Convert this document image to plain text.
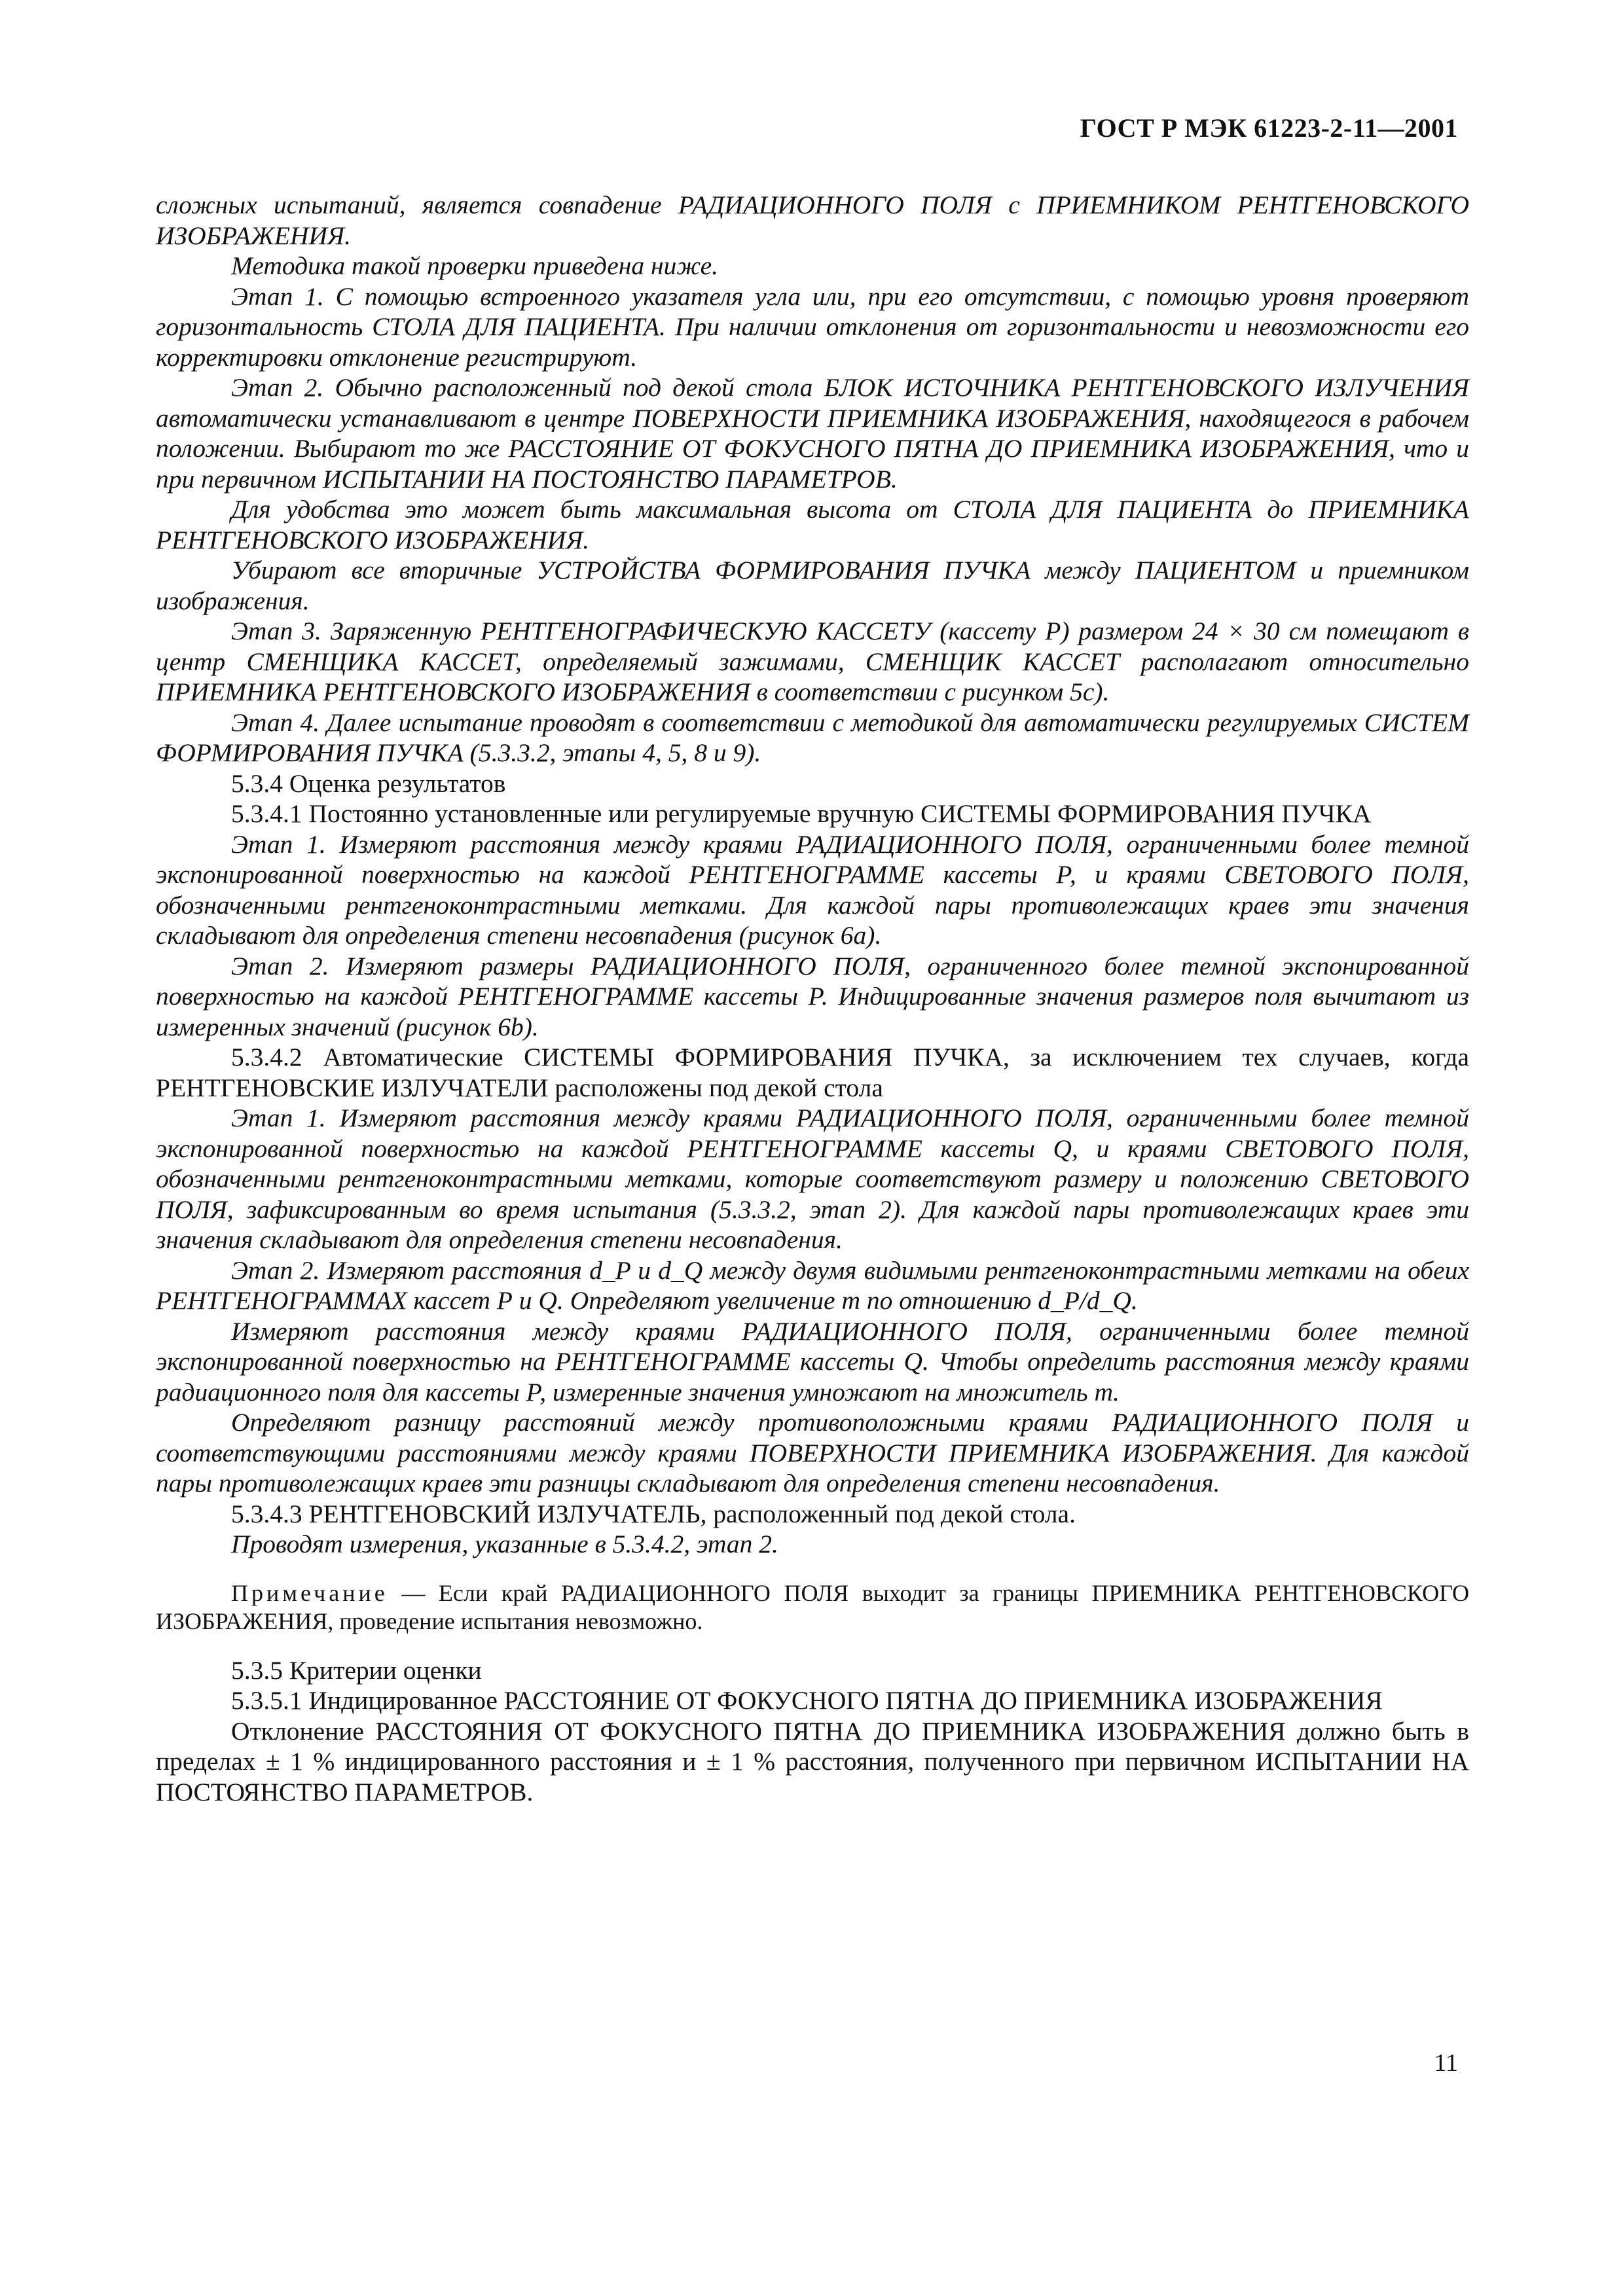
ГОСТ Р МЭК 61223-2-11—2001

сложных испытаний, является совпадение РАДИАЦИОННОГО ПОЛЯ с ПРИЕМНИКОМ РЕНТГЕНОВСКОГО ИЗОБРАЖЕНИЯ.

Методика такой проверки приведена ниже.

Этап 1. С помощью встроенного указателя угла или, при его отсутствии, с помощью уровня проверяют горизонтальность СТОЛА ДЛЯ ПАЦИЕНТА. При наличии отклонения от горизонтальности и невозможности его корректировки отклонение регистрируют.

Этап 2. Обычно расположенный под декой стола БЛОК ИСТОЧНИКА РЕНТГЕНОВСКОГО ИЗЛУЧЕНИЯ автоматически устанавливают в центре ПОВЕРХНОСТИ ПРИЕМНИКА ИЗОБРАЖЕНИЯ, находящегося в рабочем положении. Выбирают то же РАССТОЯНИЕ ОТ ФОКУСНОГО ПЯТНА ДО ПРИЕМНИКА ИЗОБРАЖЕНИЯ, что и при первичном ИСПЫТАНИИ НА ПОСТОЯНСТВО ПАРАМЕТРОВ.

Для удобства это может быть максимальная высота от СТОЛА ДЛЯ ПАЦИЕНТА до ПРИЕМНИКА РЕНТГЕНОВСКОГО ИЗОБРАЖЕНИЯ.

Убирают все вторичные УСТРОЙСТВА ФОРМИРОВАНИЯ ПУЧКА между ПАЦИЕНТОМ и приемником изображения.

Этап 3. Заряженную РЕНТГЕНОГРАФИЧЕСКУЮ КАССЕТУ (кассету Р) размером 24 × 30 см помещают в центр СМЕНЩИКА КАССЕТ, определяемый зажимами, СМЕНЩИК КАССЕТ располагают относительно ПРИЕМНИКА РЕНТГЕНОВСКОГО ИЗОБРАЖЕНИЯ в соответствии с рисунком 5с).

Этап 4. Далее испытание проводят в соответствии с методикой для автоматически регулируемых СИСТЕМ ФОРМИРОВАНИЯ ПУЧКА (5.3.3.2, этапы 4, 5, 8 и 9).

5.3.4 Оценка результатов

5.3.4.1 Постоянно установленные или регулируемые вручную СИСТЕМЫ ФОРМИРОВАНИЯ ПУЧКА

Этап 1. Измеряют расстояния между краями РАДИАЦИОННОГО ПОЛЯ, ограниченными более темной экспонированной поверхностью на каждой РЕНТГЕНОГРАММЕ кассеты Р, и краями СВЕТОВОГО ПОЛЯ, обозначенными рентгеноконтрастными метками. Для каждой пары противолежащих краев эти значения складывают для определения степени несовпадения (рисунок 6а).

Этап 2. Измеряют размеры РАДИАЦИОННОГО ПОЛЯ, ограниченного более темной экспонированной поверхностью на каждой РЕНТГЕНОГРАММЕ кассеты Р. Индицированные значения размеров поля вычитают из измеренных значений (рисунок 6b).

5.3.4.2 Автоматические СИСТЕМЫ ФОРМИРОВАНИЯ ПУЧКА, за исключением тех случаев, когда РЕНТГЕНОВСКИЕ ИЗЛУЧАТЕЛИ расположены под декой стола

Этап 1. Измеряют расстояния между краями РАДИАЦИОННОГО ПОЛЯ, ограниченными более темной экспонированной поверхностью на каждой РЕНТГЕНОГРАММЕ кассеты Q, и краями СВЕТОВОГО ПОЛЯ, обозначенными рентгеноконтрастными метками, которые соответствуют размеру и положению СВЕТОВОГО ПОЛЯ, зафиксированным во время испытания (5.3.3.2, этап 2). Для каждой пары противолежащих краев эти значения складывают для определения степени несовпадения.

Этап 2. Измеряют расстояния d_P и d_Q между двумя видимыми рентгеноконтрастными метками на обеих РЕНТГЕНОГРАММАХ кассет Р и Q. Определяют увеличение m по отношению d_P/d_Q.

Измеряют расстояния между краями РАДИАЦИОННОГО ПОЛЯ, ограниченными более темной экспонированной поверхностью на РЕНТГЕНОГРАММЕ кассеты Q. Чтобы определить расстояния между краями радиационного поля для кассеты Р, измеренные значения умножают на множитель m.

Определяют разницу расстояний между противоположными краями РАДИАЦИОННОГО ПОЛЯ и соответствующими расстояниями между краями ПОВЕРХНОСТИ ПРИЕМНИКА ИЗОБРАЖЕНИЯ. Для каждой пары противолежащих краев эти разницы складывают для определения степени несовпадения.

5.3.4.3 РЕНТГЕНОВСКИЙ ИЗЛУЧАТЕЛЬ, расположенный под декой стола.

Проводят измерения, указанные в 5.3.4.2, этап 2.

Примечание — Если край РАДИАЦИОННОГО ПОЛЯ выходит за границы ПРИЕМНИКА РЕНТГЕНОВСКОГО ИЗОБРАЖЕНИЯ, проведение испытания невозможно.

5.3.5 Критерии оценки

5.3.5.1 Индицированное РАССТОЯНИЕ ОТ ФОКУСНОГО ПЯТНА ДО ПРИЕМНИКА ИЗОБРАЖЕНИЯ

Отклонение РАССТОЯНИЯ ОТ ФОКУСНОГО ПЯТНА ДО ПРИЕМНИКА ИЗОБРАЖЕНИЯ должно быть в пределах ± 1 % индицированного расстояния и ± 1 % расстояния, полученного при первичном ИСПЫТАНИИ НА ПОСТОЯНСТВО ПАРАМЕТРОВ.

11
